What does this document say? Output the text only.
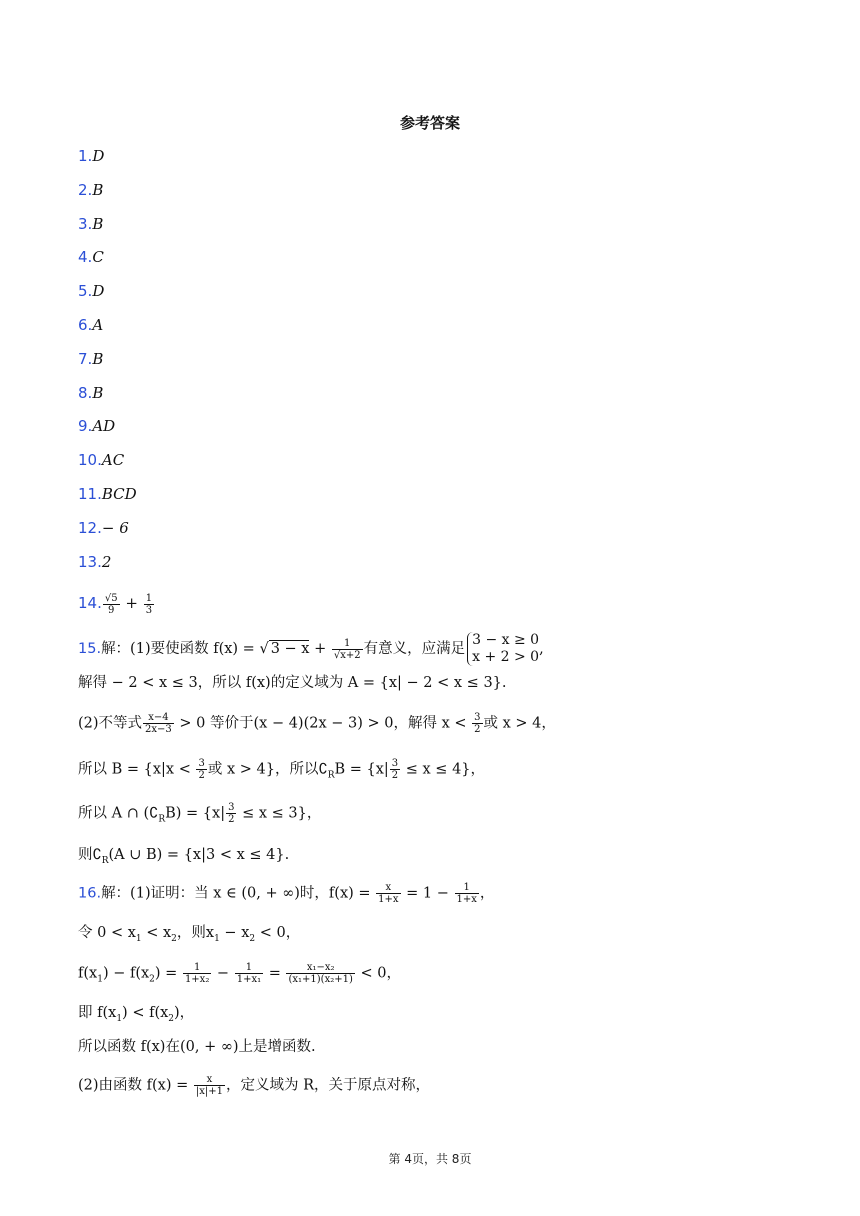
参考答案
1.D
2.B
3.B
4.C
5.D
6.A
7.B
8.B
9.AD
10.AC
11.BCD
12.− 6
13.2
14. $\frac{√5}{9} + \frac{1}{3}$
15.解：(1)要使函数 f(x) = √ $3 - x + \frac{1}{√x+2}$ 有意义，应满足
3 − x ≥ 0
x + 2 > 0 ,
解得 − 2 < x ≤ 3，所以 f(x)的定义域为 A = {x| − 2 < x ≤ 3}.
(2)不等式 $\frac{x-4}{2x-3} > 0$ 等价于(x − 4)(2x − 3) > 0，解得 $x < \frac{3}{2}$ 或 x > 4，
所以 $B = \{x|x < \frac{3}{2}$ 或 x > 4}，所以$∁_RB = \{x| \frac{3}{2} \le x \le 4\}$，
所以 A ∩ $(∁_RB) = \{x| \frac{3}{2} \le x \le 3\}$，
则$∁_R(A$ ∪ B) = {x|3 < x ≤ 4}.
16.解：(1)证明：当 x ∈ (0, + ∞)时，$f(x) = \frac{x}{1+x} = 1 - \frac{1}{1+x}$ ，
令 $0 < x_1 < x_2$，则$x_1 - x_2 < 0$，
$f(x_1) - f(x_2) = \frac{1}{\text{1+x₂}} - \frac{1}{\text{1+x₁}} = \frac{\text{x₁−x₂}}{\text{(x₁+1)(x₂+1)}} < 0$，
即 $f(x_1) < f(x_2)$，
所以函数 f(x)在(0, + ∞)上是增函数.
(2)由函数 $f(x) = \frac{x}{|x|+1}$ ，定义域为 R，关于原点对称，
第 4页，共 8页
